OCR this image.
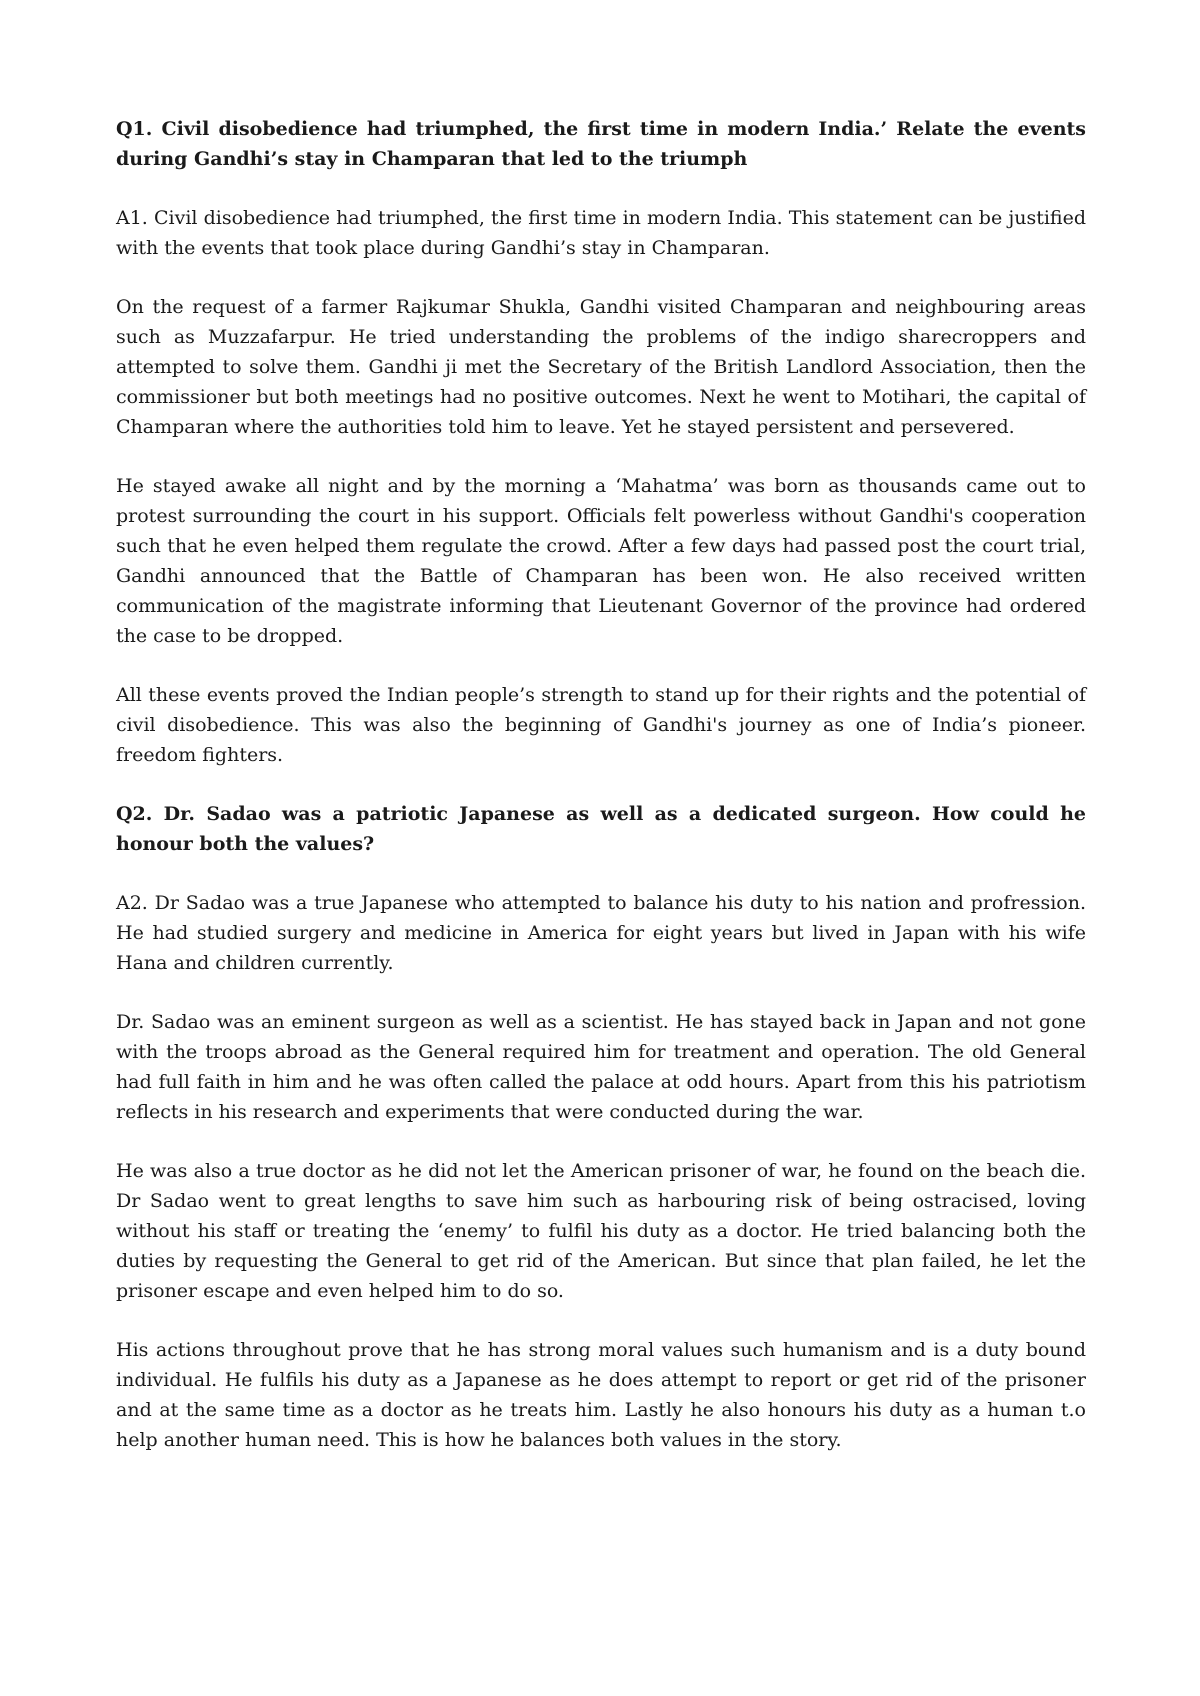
Q1. Civil disobedience had triumphed, the first time in modern India.’ Relate the events during Gandhi’s stay in Champaran that led to the triumph

A1. Civil disobedience had triumphed, the first time in modern India. This statement can be justified with the events that took place during Gandhi’s stay in Champaran.

On the request of a farmer Rajkumar Shukla, Gandhi visited Champaran and neighbouring areas such as Muzzafarpur. He tried understanding the problems of the indigo sharecroppers and attempted to solve them. Gandhi ji met the Secretary of the British Landlord Association, then the commissioner but both meetings had no positive outcomes. Next he went to Motihari, the capital of Champaran where the authorities told him to leave. Yet he stayed persistent and persevered.

He stayed awake all night and by the morning a ‘Mahatma’ was born as thousands came out to protest surrounding the court in his support. Officials felt powerless without Gandhi's cooperation such that he even helped them regulate the crowd. After a few days had passed post the court trial, Gandhi announced that the Battle of Champaran has been won. He also received written communication of the magistrate informing that Lieutenant Governor of the province had ordered the case to be dropped.

All these events proved the Indian people’s strength to stand up for their rights and the potential of civil disobedience. This was also the beginning of Gandhi's journey as one of India’s pioneer. freedom fighters.

Q2. Dr. Sadao was a patriotic Japanese as well as a dedicated surgeon. How could he honour both the values?

A2. Dr Sadao was a true Japanese who attempted to balance his duty to his nation and profression. He had studied surgery and medicine in America for eight years but lived in Japan with his wife Hana and children currently.

Dr. Sadao was an eminent surgeon as well as a scientist. He has stayed back in Japan and not gone with the troops abroad as the General required him for treatment and operation. The old General had full faith in him and he was often called the palace at odd hours. Apart from this his patriotism reflects in his research and experiments that were conducted during the war.

He was also a true doctor as he did not let the American prisoner of war, he found on the beach die. Dr Sadao went to great lengths to save him such as harbouring risk of being ostracised, loving without his staff or treating the ‘enemy’ to fulfil his duty as a doctor. He tried balancing both the duties by requesting the General to get rid of the American. But since that plan failed, he let the prisoner escape and even helped him to do so.

His actions throughout prove that he has strong moral values such humanism and is a duty bound individual. He fulfils his duty as a Japanese as he does attempt to report or get rid of the prisoner and at the same time as a doctor as he treats him. Lastly he also honours his duty as a human t.o help another human need. This is how he balances both values in the story.
